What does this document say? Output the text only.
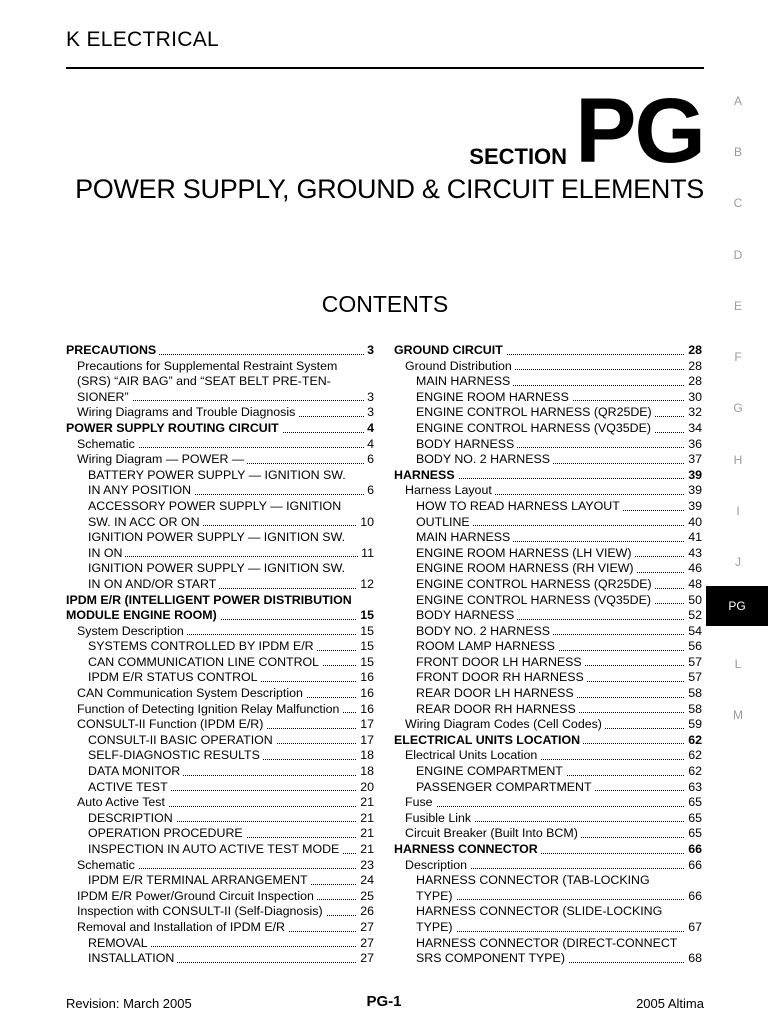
K ELECTRICAL
SECTION PG
POWER SUPPLY, GROUND & CIRCUIT ELEMENTS
CONTENTS
PRECAUTIONS	3
Precautions for Supplemental Restraint System
(SRS) “AIR BAG” and “SEAT BELT PRE-TEN-
SIONER”	3
Wiring Diagrams and Trouble Diagnosis	3
POWER SUPPLY ROUTING CIRCUIT	4
Schematic	4
Wiring Diagram — POWER —	6
BATTERY POWER SUPPLY — IGNITION SW.
IN ANY POSITION	6
ACCESSORY POWER SUPPLY — IGNITION
SW. IN ACC OR ON	10
IGNITION POWER SUPPLY — IGNITION SW.
IN ON	11
IGNITION POWER SUPPLY — IGNITION SW.
IN ON AND/OR START	12
IPDM E/R (INTELLIGENT POWER DISTRIBUTION
MODULE ENGINE ROOM)	15
System Description	15
SYSTEMS CONTROLLED BY IPDM E/R	15
CAN COMMUNICATION LINE CONTROL	15
IPDM E/R STATUS CONTROL	16
CAN Communication System Description	16
Function of Detecting Ignition Relay Malfunction 16
CONSULT-II Function (IPDM E/R)	17
CONSULT-II BASIC OPERATION	17
SELF-DIAGNOSTIC RESULTS	18
DATA MONITOR	18
ACTIVE TEST	20
Auto Active Test	21
DESCRIPTION	21
OPERATION PROCEDURE	21
INSPECTION IN AUTO ACTIVE TEST MODE 21
Schematic	23
IPDM E/R TERMINAL ARRANGEMENT	24
IPDM E/R Power/Ground Circuit Inspection	25
Inspection with CONSULT-II (Self-Diagnosis)	26
Removal and Installation of IPDM E/R	27
REMOVAL	27
INSTALLATION	27
GROUND CIRCUIT	28
Ground Distribution	28
MAIN HARNESS	28
ENGINE ROOM HARNESS	30
ENGINE CONTROL HARNESS (QR25DE)	32
ENGINE CONTROL HARNESS (VQ35DE)	34
BODY HARNESS	36
BODY NO. 2 HARNESS	37
HARNESS	39
Harness Layout	39
HOW TO READ HARNESS LAYOUT	39
OUTLINE	40
MAIN HARNESS	41
ENGINE ROOM HARNESS (LH VIEW)	43
ENGINE ROOM HARNESS (RH VIEW)	46
ENGINE CONTROL HARNESS (QR25DE)	48
ENGINE CONTROL HARNESS (VQ35DE)	50
BODY HARNESS	52
BODY NO. 2 HARNESS	54
ROOM LAMP HARNESS	56
FRONT DOOR LH HARNESS	57
FRONT DOOR RH HARNESS	57
REAR DOOR LH HARNESS	58
REAR DOOR RH HARNESS	58
Wiring Diagram Codes (Cell Codes)	59
ELECTRICAL UNITS LOCATION	62
Electrical Units Location	62
ENGINE COMPARTMENT	62
PASSENGER COMPARTMENT	63
Fuse	65
Fusible Link	65
Circuit Breaker (Built Into BCM)	65
HARNESS CONNECTOR	66
Description	66
HARNESS CONNECTOR (TAB-LOCKING
TYPE)	66
HARNESS CONNECTOR (SLIDE-LOCKING
TYPE)	67
HARNESS CONNECTOR (DIRECT-CONNECT
SRS COMPONENT TYPE)	68
A
B
C
D
E
F
G
H
I
J
PG
L
M
Revision: March 2005	PG-1	2005 Altima
